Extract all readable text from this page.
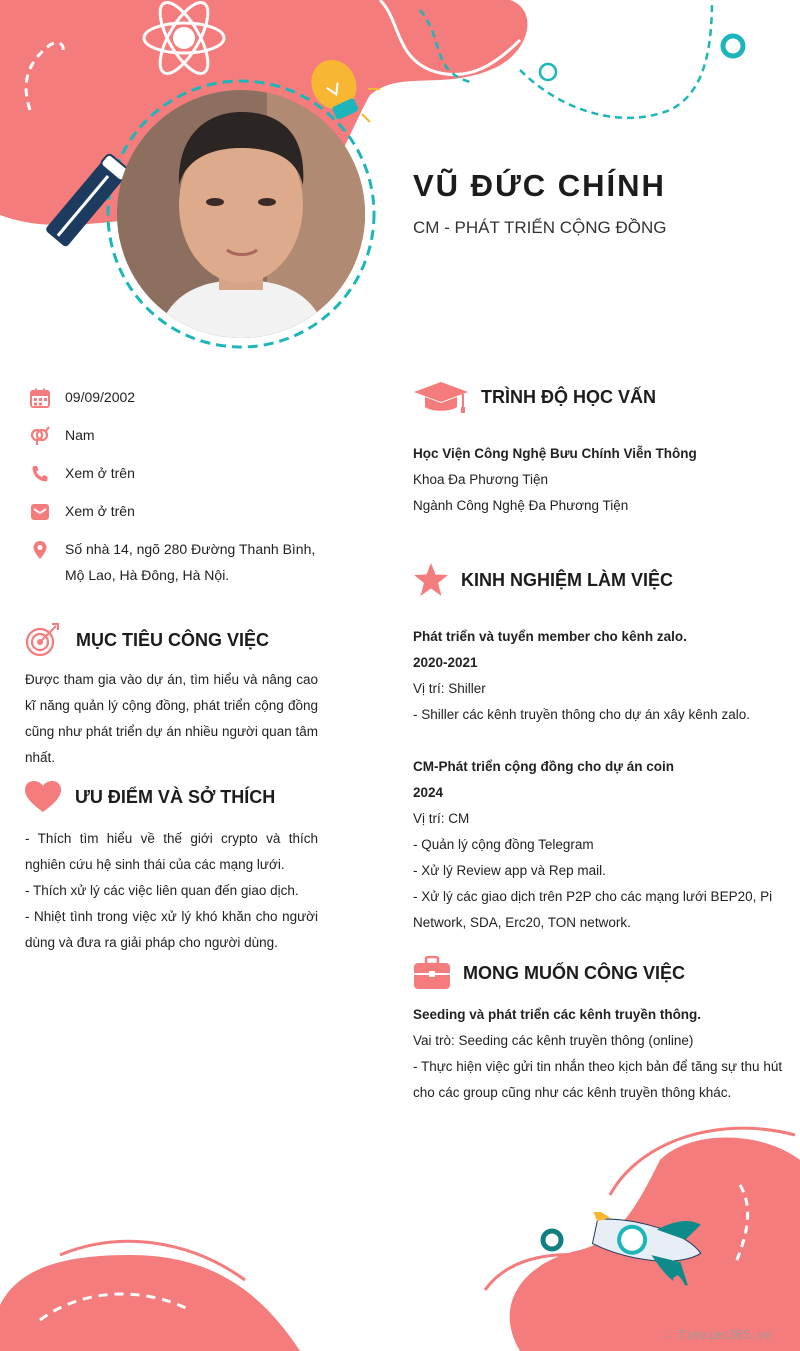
VŨ ĐỨC CHÍNH
CM - PHÁT TRIỂN CỘNG ĐỒNG
09/09/2002
Nam
Xem ở trên
Xem ở trên
Số nhà 14, ngõ 280 Đường Thanh Bình,
Mộ Lao, Hà Đông, Hà Nội.
MỤC TIÊU CÔNG VIỆC
Được tham gia vào dự án, tìm hiểu và nâng cao kĩ năng quản lý cộng đồng, phát triển cộng đồng cũng như phát triển dự án nhiều người quan tâm nhất.
ƯU ĐIỂM VÀ SỞ THÍCH

- Thích tìm hiểu về thế giới crypto và thích nghiên cứu hệ sinh thái của các mạng lưới.

- Thích xử lý các việc liên quan đến giao dịch.

- Nhiệt tình trong việc xử lý khó khăn cho người dùng và đưa ra giải pháp cho người dùng.

TRÌNH ĐỘ HỌC VẤN

Học Viện Công Nghệ Bưu Chính Viễn Thông

Khoa Đa Phương Tiện

Ngành Công Nghệ Đa Phương Tiện

KINH NGHIỆM LÀM VIỆC

Phát triển và tuyển member cho kênh zalo.

2020-2021

Vị trí: Shiller

- Shiller các kênh truyền thông cho dự án xây kênh zalo.

CM-Phát triển cộng đồng cho dự án coin

2024

Vị trí: CM

- Quản lý cộng đồng Telegram

- Xử lý Review app và Rep mail.

- Xử lý các giao dịch trên P2P cho các mạng lưới BEP20, Pi Network, SDA, Erc20, TON network.

MONG MUỐN CÔNG VIỆC

Seeding và phát triển các kênh truyền thông.

Vai trò: Seeding các kênh truyền thông (online)

- Thực hiện việc gửi tin nhắn theo kịch bản để tăng sự thu hút cho các group cũng như các kênh truyền thông khác.

∴ Timviec365.vn
